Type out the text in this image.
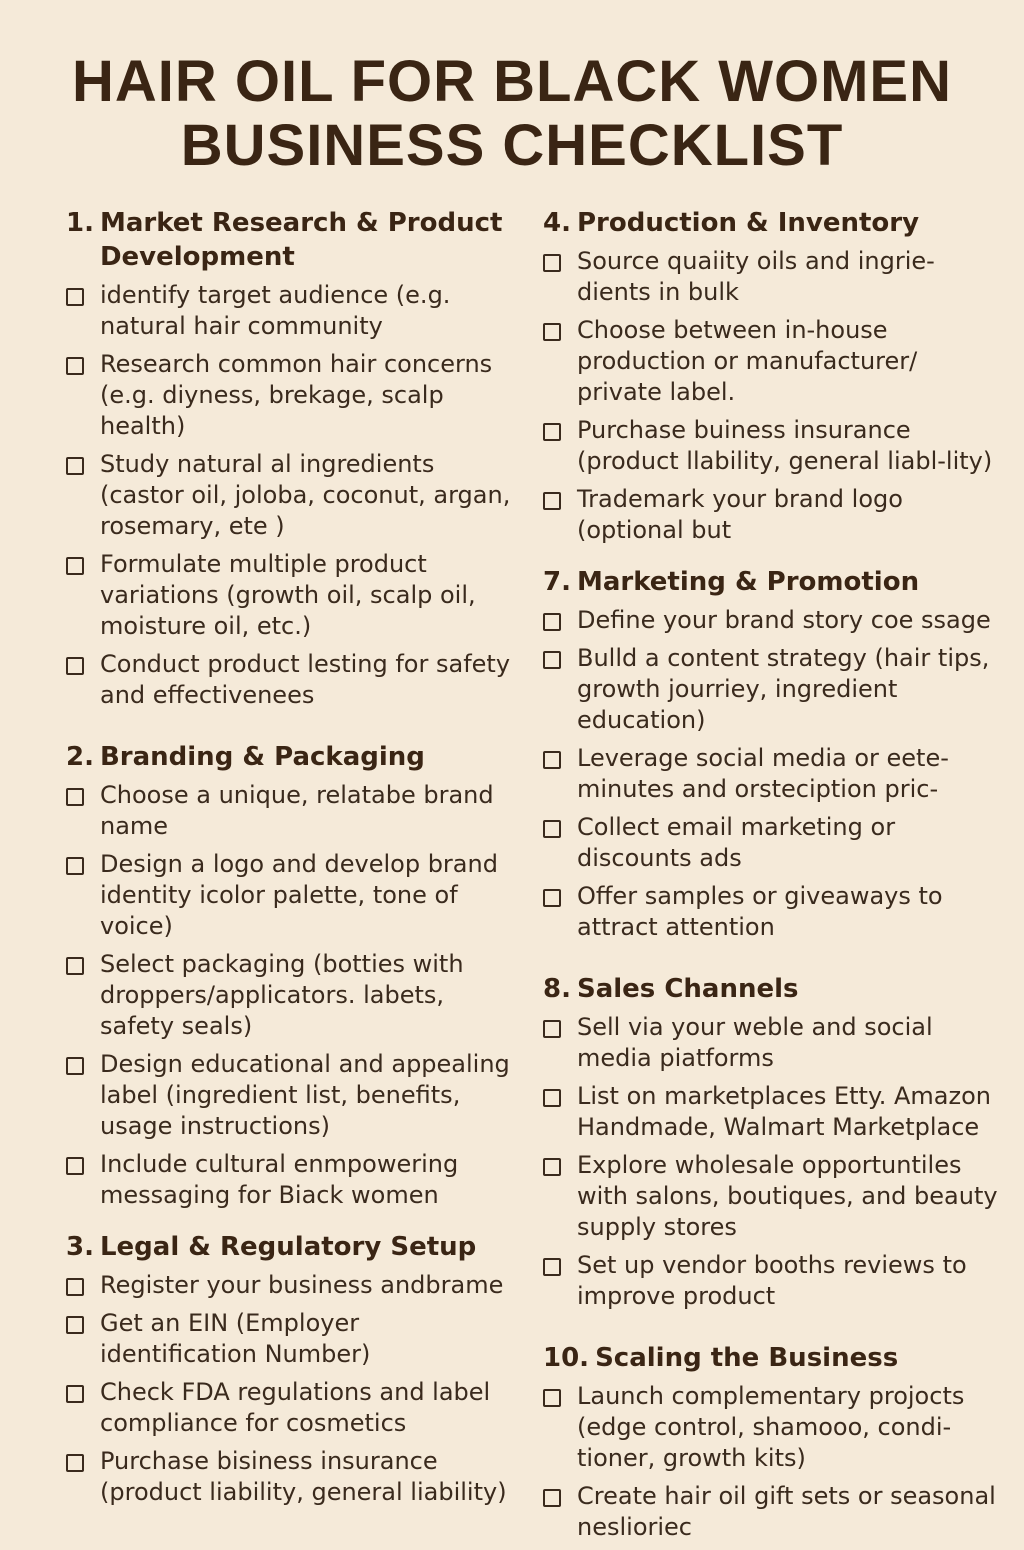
HAIR OIL FOR BLACK WOMEN
BUSINESS CHECKLIST
1. Market Research & Product Development
identify target audience (e.g. natural hair community
Research common hair concerns (e.g. diyness, brekage, scalp health)
Study natural al ingredients (castor oil, joloba, coconut, argan, rosemary, ete )
Formulate multiple product variations (growth oil, scalp oil, moisture oil, etc.)
Conduct product lesting for safety and effectivenees
2. Branding & Packaging
Choose a unique, relatabe brand name
Design a logo and develop brand identity icolor palette, tone of voice)
Select packaging (botties with droppers/applicators. labets, safety seals)
Design educational and appealing label (ingredient list, benefits, usage instructions)
Include cultural enmpowering messaging for Biack women
3. Legal & Regulatory Setup
Register your business andbrame
Get an EIN (Employer identification Number)
Check FDA regulations and label compliance for cosmetics
Purchase bisiness insurance (product liability, general liability)
4. Production & Inventory
Source quaiity oils and ingrie-dients in bulk
Choose between in-house production or manufacturer/ private label.
Purchase buiness insurance (product llability, general liabl-lity)
Trademark your brand logo (optional but
7. Marketing & Promotion
Define your brand story coe ssage
Bulld a content strategy (hair tips, growth jourriey, ingredient education)
Leverage social media or eete-minutes and orsteciption pric-
Collect email marketing or discounts ads
Offer samples or giveaways to attract attention
8. Sales Channels
Sell via your weble and social media piatforms
List on marketplaces Etty. Amazon Handmade, Walmart Marketplace
Explore wholesale opportuntiles with salons, boutiques, and beauty supply stores
Set up vendor booths reviews to improve product
10. Scaling the Business
Launch complementary projocts (edge control, shamooo, condi-tioner, growth kits)
Create hair oil gift sets or seasonal neslioriec
